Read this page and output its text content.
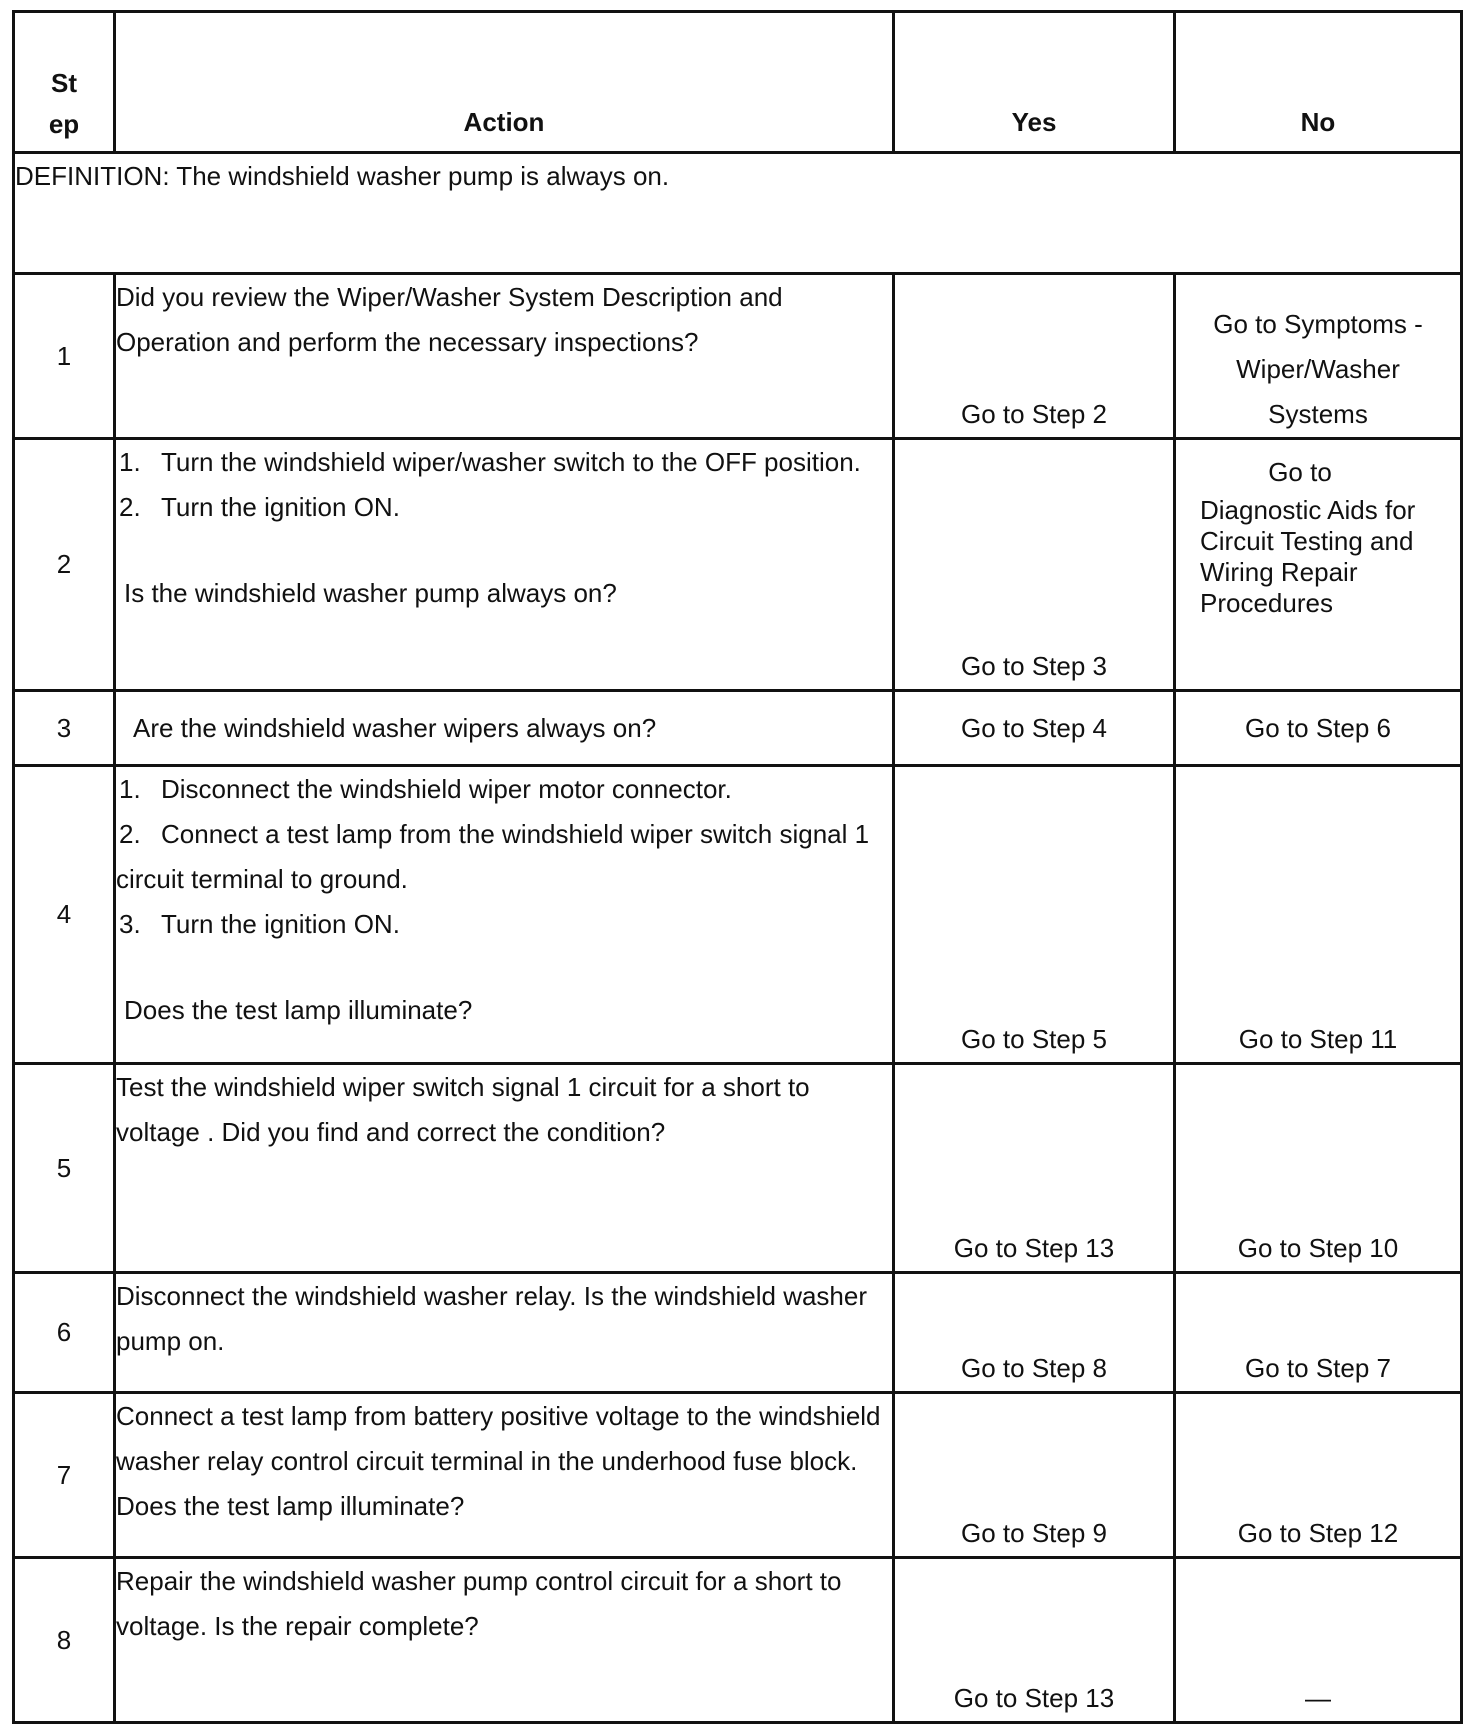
St
ep	Action	Yes	No

DEFINITION: The windshield washer pump is always on.			
1	Did you review the Wiper/Washer System Description and Operation and perform the necessary inspections?	Go to Step 2	Go to Symptoms - Wiper/Washer Systems
2	1. Turn the windshield wiper/washer switch to the OFF position.
2. Turn the ignition ON.
Is the windshield washer pump always on?	Go to Step 3	Go to
Diagnostic Aids for Circuit Testing and Wiring Repair Procedures

3	Are the windshield washer wipers always on?	Go to Step 4	Go to Step 6
4	1. Disconnect the windshield wiper motor connector.
2. Connect a test lamp from the windshield wiper switch signal 1 circuit terminal to ground.
3. Turn the ignition ON.
Does the test lamp illuminate?	Go to Step 5	Go to Step 11
5	Test the windshield wiper switch signal 1 circuit for a short to voltage . Did you find and correct the condition?	Go to Step 13	Go to Step 10
6	Disconnect the windshield washer relay. Is the windshield washer pump on.	Go to Step 8	Go to Step 7
7	Connect a test lamp from battery positive voltage to the windshield washer relay control circuit terminal in the underhood fuse block. Does the test lamp illuminate?	Go to Step 9	Go to Step 12
8	Repair the windshield washer pump control circuit for a short to voltage. Is the repair complete?	Go to Step 13	—
